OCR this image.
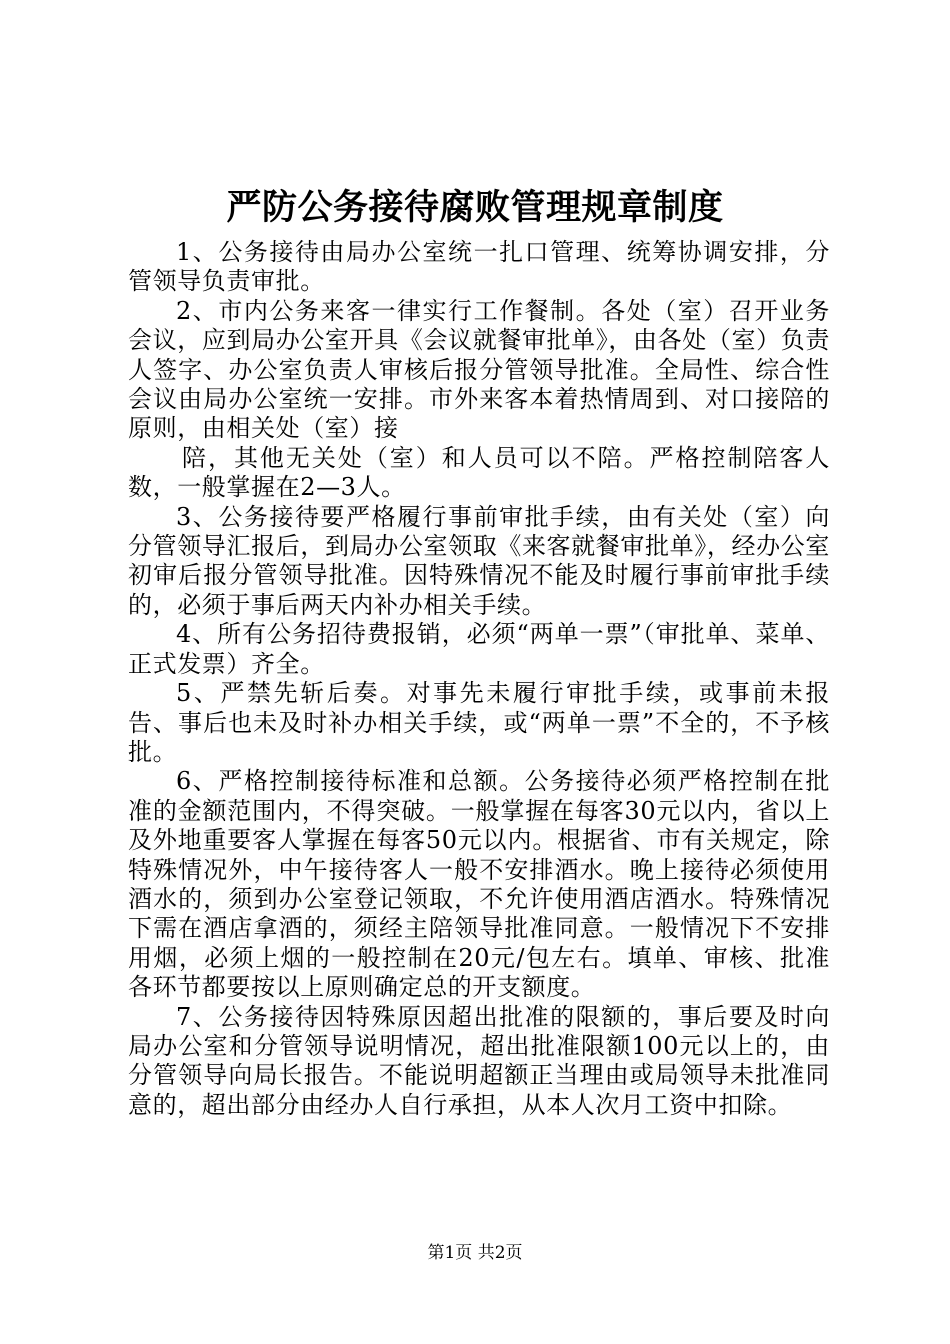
严防公务接待腐败管理规章制度

1、公务接待由局办公室统一扎口管理、统筹协调安排，分管领导负责审批。

2、市内公务来客一律实行工作餐制。各处（室）召开业务会议，应到局办公室开具《会议就餐审批单》，由各处（室）负责人签字、办公室负责人审核后报分管领导批准。全局性、综合性会议由局办公室统一安排。市外来客本着热情周到、对口接陪的原则，由相关处（室）接

陪，其他无关处（室）和人员可以不陪。严格控制陪客人数，一般掌握在2—3人。

3、公务接待要严格履行事前审批手续，由有关处（室）向分管领导汇报后，到局办公室领取《来客就餐审批单》，经办公室初审后报分管领导批准。因特殊情况不能及时履行事前审批手续的，必须于事后两天内补办相关手续。

4、所有公务招待费报销，必须“两单一票”（审批单、菜单、正式发票）齐全。

5、严禁先斩后奏。对事先未履行审批手续，或事前未报告、事后也未及时补办相关手续，或“两单一票”不全的，不予核批。

6、严格控制接待标准和总额。公务接待必须严格控制在批准的金额范围内，不得突破。一般掌握在每客30元以内，省以上及外地重要客人掌握在每客50元以内。根据省、市有关规定，除特殊情况外，中午接待客人一般不安排酒水。晚上接待必须使用酒水的，须到办公室登记领取，不允许使用酒店酒水。特殊情况下需在酒店拿酒的，须经主陪领导批准同意。一般情况下不安排用烟，必须上烟的一般控制在20元/包左右。填单、审核、批准各环节都要按以上原则确定总的开支额度。

7、公务接待因特殊原因超出批准的限额的，事后要及时向局办公室和分管领导说明情况，超出批准限额100元以上的，由分管领导向局长报告。不能说明超额正当理由或局领导未批准同意的，超出部分由经办人自行承担，从本人次月工资中扣除。

第1页 共2页
